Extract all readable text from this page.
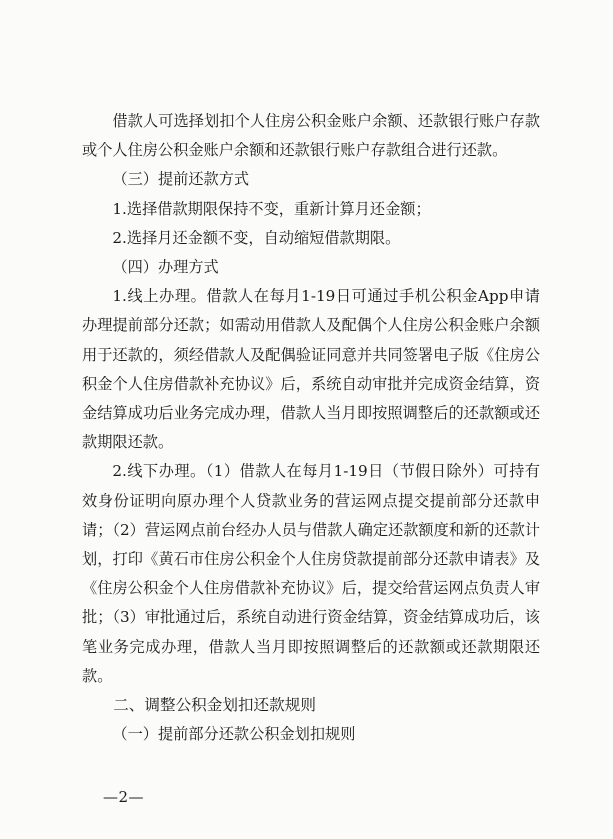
借款人可选择划扣个人住房公积金账户余额、还款银行账户存款或个人住房公积金账户余额和还款银行账户存款组合进行还款。

（三）提前还款方式

1.选择借款期限保持不变，重新计算月还金额；

2.选择月还金额不变，自动缩短借款期限。

（四）办理方式

1.线上办理。借款人在每月1-19日可通过手机公积金App申请办理提前部分还款；如需动用借款人及配偶个人住房公积金账户余额用于还款的，须经借款人及配偶验证同意并共同签署电子版《住房公积金个人住房借款补充协议》后，系统自动审批并完成资金结算，资金结算成功后业务完成办理，借款人当月即按照调整后的还款额或还款期限还款。

2.线下办理。（1）借款人在每月1-19日（节假日除外）可持有效身份证明向原办理个人贷款业务的营运网点提交提前部分还款申请；（2）营运网点前台经办人员与借款人确定还款额度和新的还款计划，打印《黄石市住房公积金个人住房贷款提前部分还款申请表》及《住房公积金个人住房借款补充协议》后，提交给营运网点负责人审批；（3）审批通过后，系统自动进行资金结算，资金结算成功后，该笔业务完成办理，借款人当月即按照调整后的还款额或还款期限还款。

二、调整公积金划扣还款规则

（一）提前部分还款公积金划扣规则

—2—
